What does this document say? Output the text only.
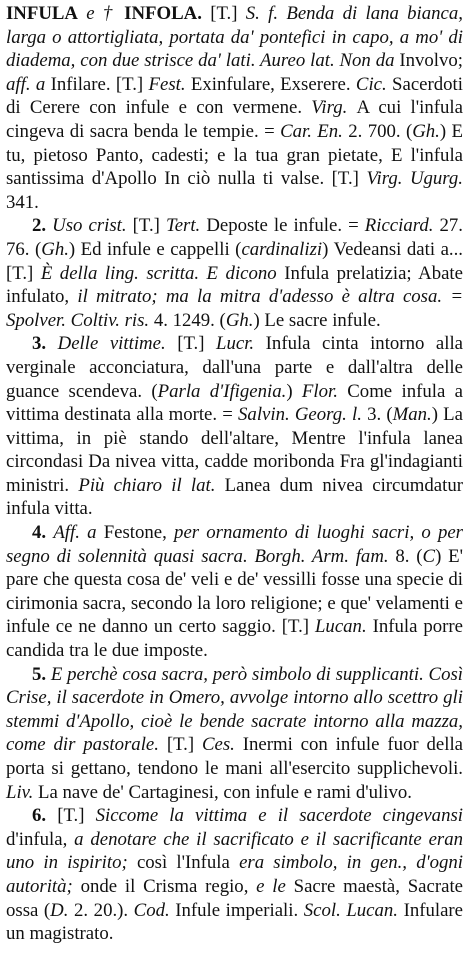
INFULA e † INFOLA. [T.] S. f. Benda di lana bianca, larga o attortigliata, portata da' pontefici in capo, a mo' di diadema, con due strisce da' lati. Aureo lat. Non da Involvo; aff. a Infilare. [T.] Fest. Exinfulare, Exserere. Cic. Sacerdoti di Cerere con infule e con vermene. Virg. A cui l'infula cingeva di sacra benda le tempie. = Car. En. 2. 700. (Gh.) E tu, pietoso Panto, cadesti; e la tua gran pietate, E l'infula santissima d'Apollo In ciò nulla ti valse. [T.] Virg. Ugurg. 341.

2. Uso crist. [T.] Tert. Deposte le infule. = Ricciard. 27. 76. (Gh.) Ed infule e cappelli (cardinalizi) Vedeansi dati a... [T.] È della ling. scritta. E dicono Infula prelatizia; Abate infulato, il mitrato; ma la mitra d'adesso è altra cosa. = Spolver. Coltiv. ris. 4. 1249. (Gh.) Le sacre infule.

3. Delle vittime. [T.] Lucr. Infula cinta intorno alla verginale acconciatura, dall'una parte e dall'altra delle guance scendeva. (Parla d'Ifigenia.) Flor. Come infula a vittima destinata alla morte. = Salvin. Georg. l. 3. (Man.) La vittima, in piè stando dell'altare, Mentre l'infula lanea circondasi Da nivea vitta, cadde moribonda Fra gl'indagianti ministri. Più chiaro il lat. Lanea dum nivea circumdatur infula vitta.

4. Aff. a Festone, per ornamento di luoghi sacri, o per segno di solennità quasi sacra. Borgh. Arm. fam. 8. (C) E' pare che questa cosa de' veli e de' vessilli fosse una specie di cirimonia sacra, secondo la loro religione; e que' velamenti e infule ce ne danno un certo saggio. [T.] Lucan. Infula porre candida tra le due imposte.

5. E perchè cosa sacra, però simbolo di supplicanti. Così Crise, il sacerdote in Omero, avvolge intorno allo scettro gli stemmi d'Apollo, cioè le bende sacrate intorno alla mazza, come dir pastorale. [T.] Ces. Inermi con infule fuor della porta si gettano, tendono le mani all'esercito supplichevoli. Liv. La nave de' Cartaginesi, con infule e rami d'ulivo.

6. [T.] Siccome la vittima e il sacerdote cingevansi d'infula, a denotare che il sacrificato e il sacrificante eran uno in ispirito; così l'Infula era simbolo, in gen., d'ogni autorità; onde il Crisma regio, e le Sacre maestà, Sacrate ossa (D. 2. 20.). Cod. Infule imperiali. Scol. Lucan. Infulare un magistrato.
